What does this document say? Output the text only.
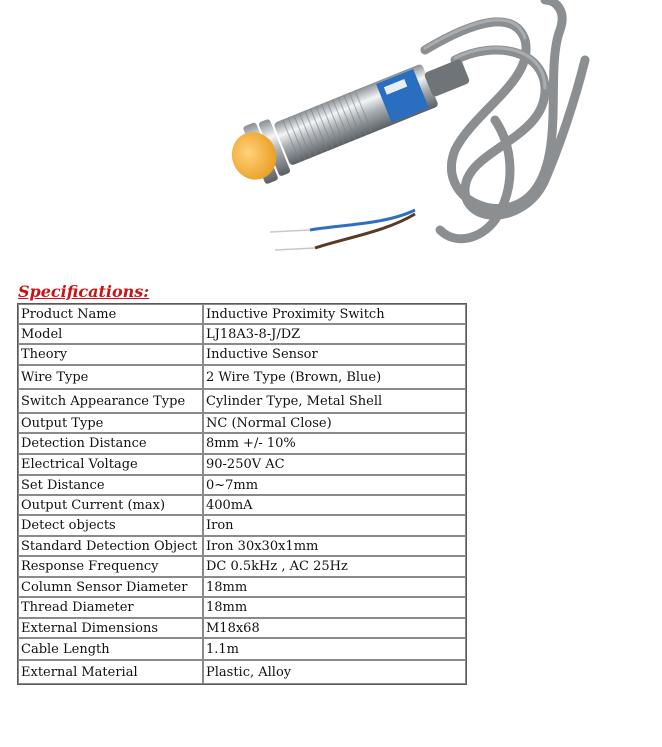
Specifications:
Product Name	Inductive Proximity Switch
Model	LJ18A3-8-J/DZ
Theory	Inductive Sensor
Wire Type	2 Wire Type (Brown, Blue)
Switch Appearance Type	Cylinder Type, Metal Shell
Output Type	NC (Normal Close)
Detection Distance	8mm +/- 10%
Electrical Voltage	90-250V AC
Set Distance	0~7mm
Output Current (max)	400mA
Detect objects	Iron
Standard Detection Object	Iron 30x30x1mm
Response Frequency	DC 0.5kHz , AC 25Hz
Column Sensor Diameter	18mm
Thread Diameter	18mm
External Dimensions	M18x68
Cable Length	1.1m
External Material	Plastic, Alloy
